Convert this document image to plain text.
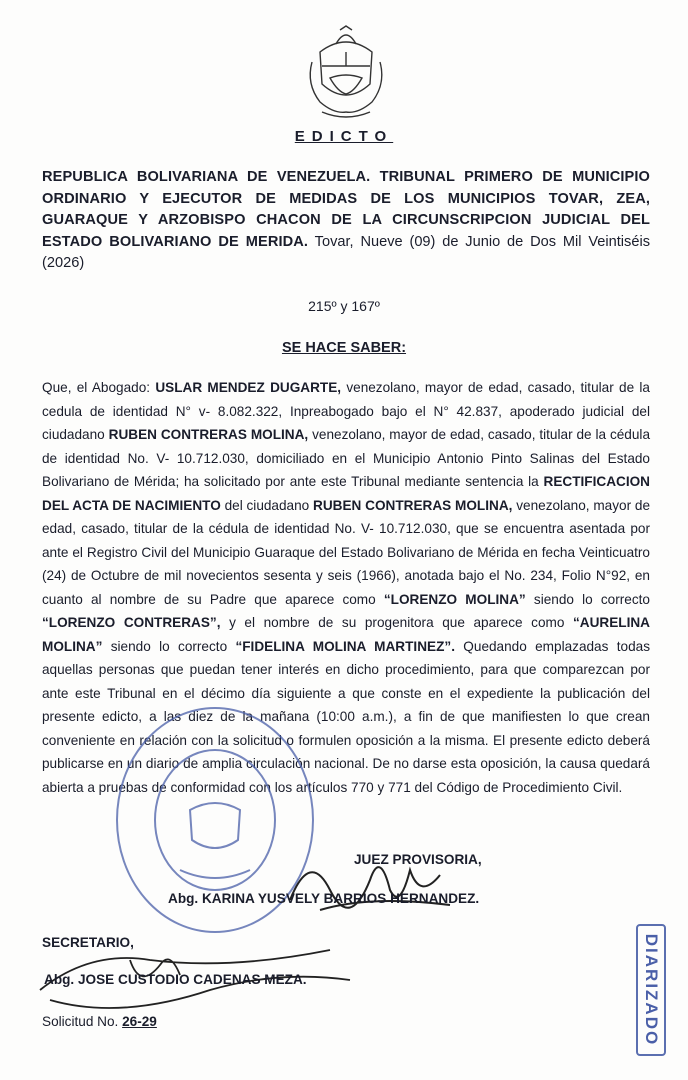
EDICTO
REPUBLICA BOLIVARIANA DE VENEZUELA. TRIBUNAL PRIMERO DE MUNICIPIO ORDINARIO Y EJECUTOR DE MEDIDAS DE LOS MUNICIPIOS TOVAR, ZEA, GUARAQUE Y ARZOBISPO CHACON DE LA CIRCUNSCRIPCION JUDICIAL DEL ESTADO BOLIVARIANO DE MERIDA. Tovar, Nueve (09) de Junio de Dos Mil Veintiséis (2026)
215º y 167º
SE HACE SABER:
Que, el Abogado: USLAR MENDEZ DUGARTE, venezolano, mayor de edad, casado, titular de la cedula de identidad N° v- 8.082.322, Inpreabogado bajo el N° 42.837, apoderado judicial del ciudadano RUBEN CONTRERAS MOLINA, venezolano, mayor de edad, casado, titular de la cédula de identidad No. V- 10.712.030, domiciliado en el Municipio Antonio Pinto Salinas del Estado Bolivariano de Mérida; ha solicitado por ante este Tribunal mediante sentencia la RECTIFICACION DEL ACTA DE NACIMIENTO del ciudadano RUBEN CONTRERAS MOLINA, venezolano, mayor de edad, casado, titular de la cédula de identidad No. V- 10.712.030, que se encuentra asentada por ante el Registro Civil del Municipio Guaraque del Estado Bolivariano de Mérida en fecha Veinticuatro (24) de Octubre de mil novecientos sesenta y seis (1966), anotada bajo el No. 234, Folio N°92, en cuanto al nombre de su Padre que aparece como “LORENZO MOLINA” siendo lo correcto “LORENZO CONTRERAS”, y el nombre de su progenitora que aparece como “AURELINA MOLINA” siendo lo correcto “FIDELINA MOLINA MARTINEZ”. Quedando emplazadas todas aquellas personas que puedan tener interés en dicho procedimiento, para que comparezcan por ante este Tribunal en el décimo día siguiente a que conste en el expediente la publicación del presente edicto, a las diez de la mañana (10:00 a.m.), a fin de que manifiesten lo que crean conveniente en relación con la solicitud o formulen oposición a la misma. El presente edicto deberá publicarse en un diario de amplia circulación nacional. De no darse esta oposición, la causa quedará abierta a pruebas de conformidad con los artículos 770 y 771 del Código de Procedimiento Civil.
JUEZ PROVISORIA,
Abg. KARINA YUSVELY BARRIOS HERNANDEZ.
SECRETARIO,
Abg. JOSE CUSTODIO CADENAS MEZA.
Solicitud No. 26-29	DIARIZADO
